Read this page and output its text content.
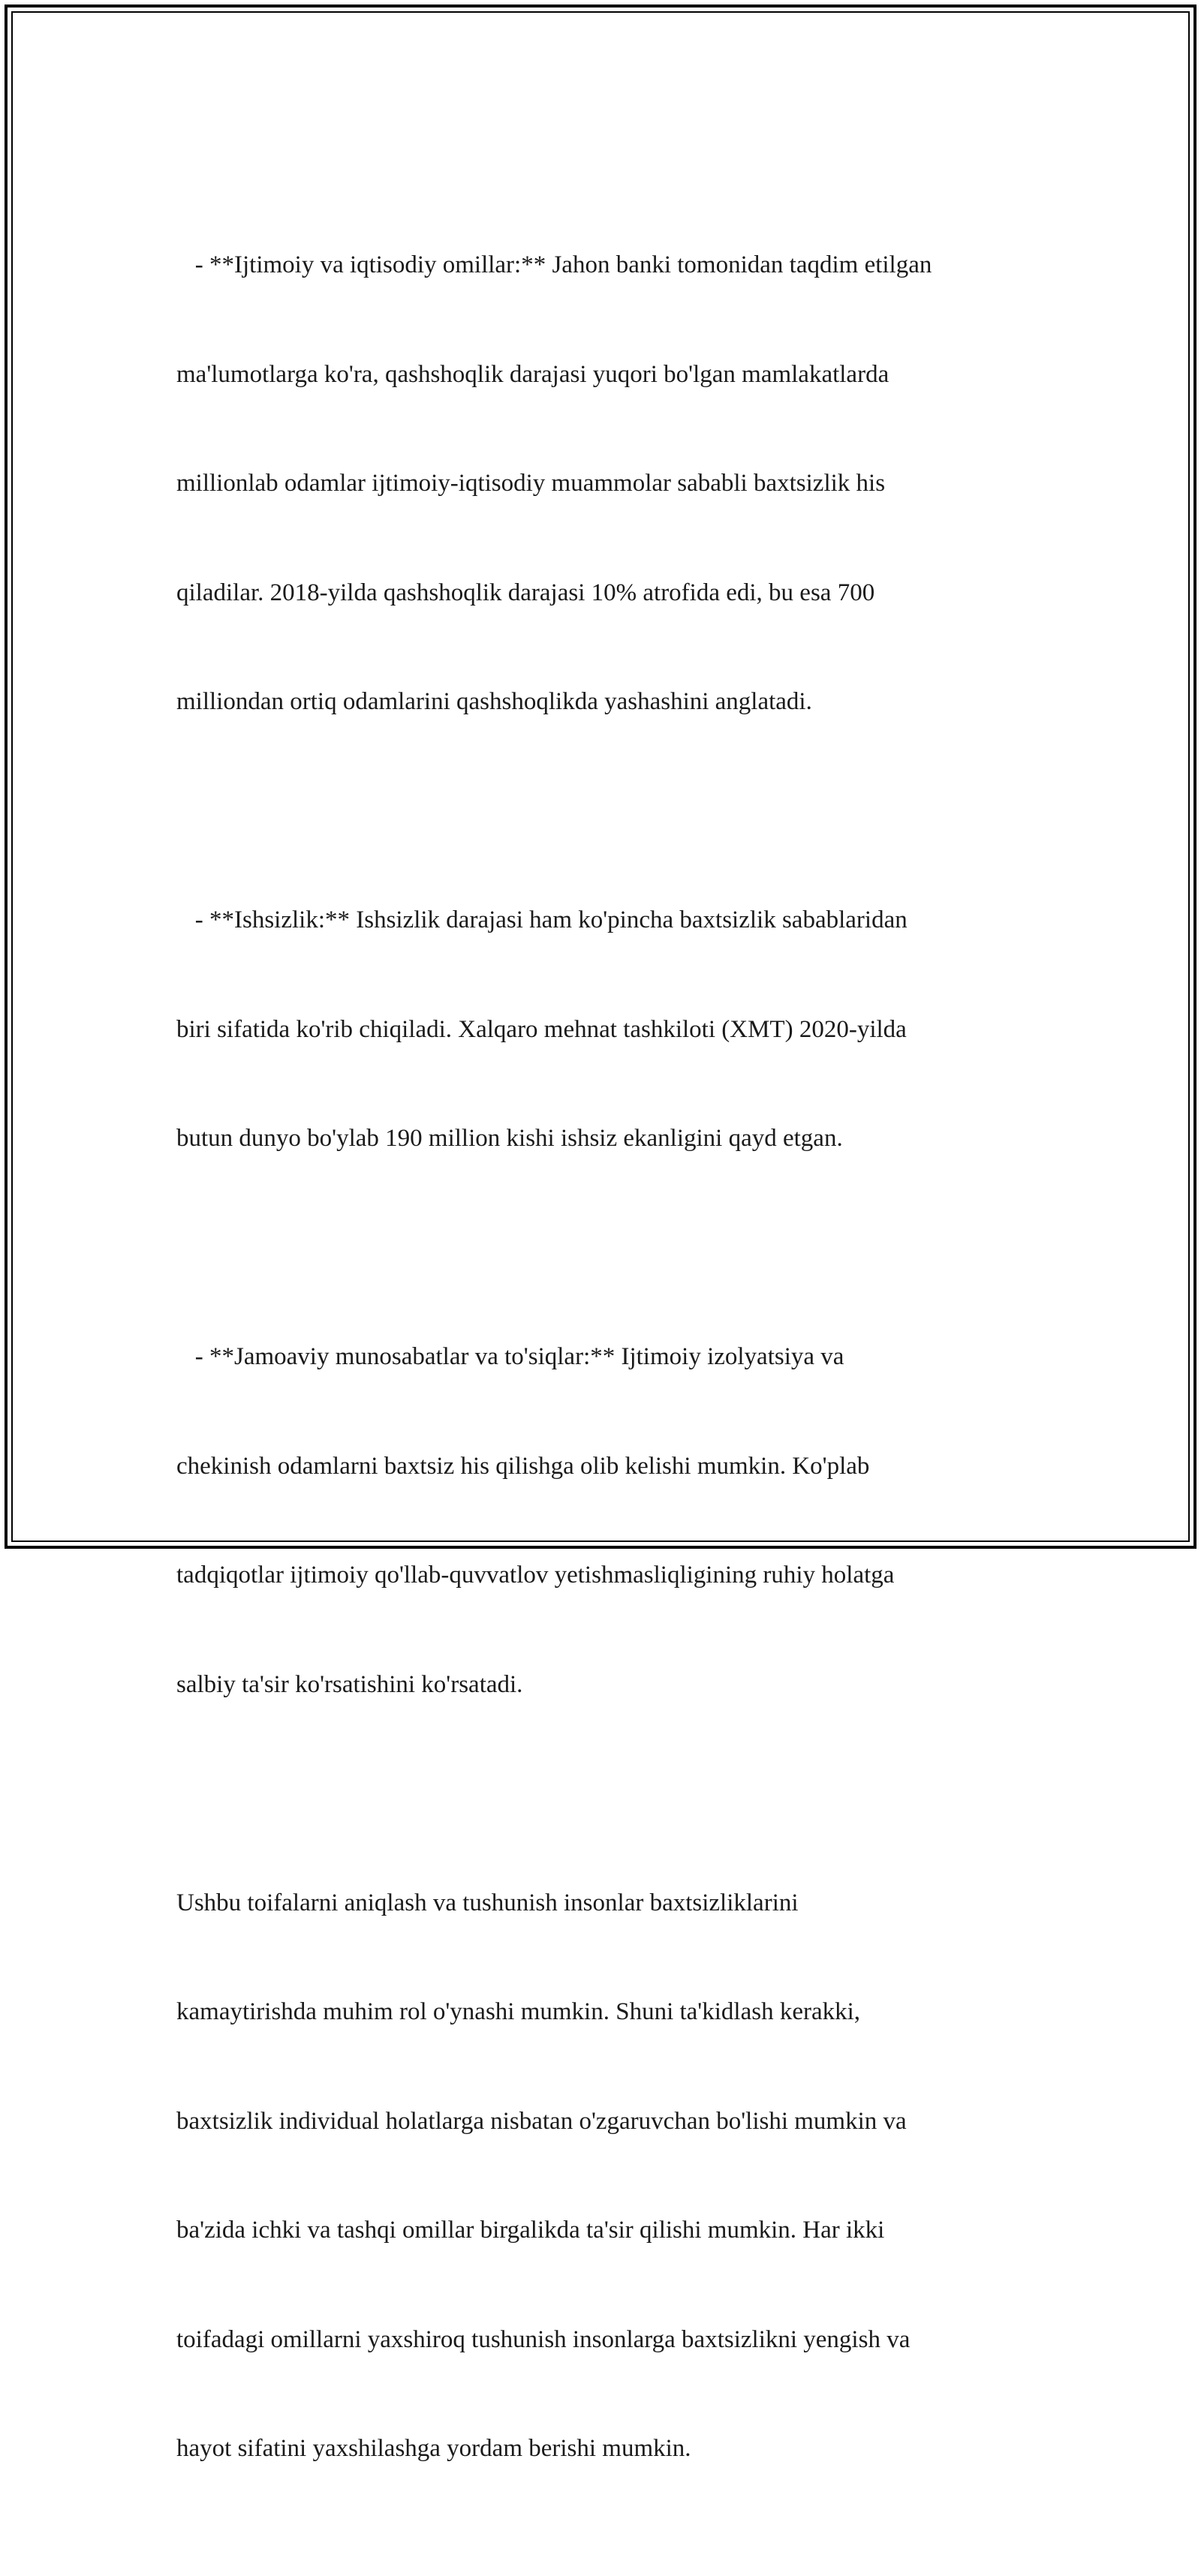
- **Ijtimoiy va iqtisodiy omillar:** Jahon banki tomonidan taqdim etilgan

ma'lumotlarga ko'ra, qashshoqlik darajasi yuqori bo'lgan mamlakatlarda

millionlab odamlar ijtimoiy-iqtisodiy muammolar sababli baxtsizlik his

qiladilar. 2018-yilda qashshoqlik darajasi 10% atrofida edi, bu esa 700

milliondan ortiq odamlarini qashshoqlikda yashashini anglatadi.

- **Ishsizlik:** Ishsizlik darajasi ham ko'pincha baxtsizlik sabablaridan

biri sifatida ko'rib chiqiladi. Xalqaro mehnat tashkiloti (XMT) 2020-yilda

butun dunyo bo'ylab 190 million kishi ishsiz ekanligini qayd etgan.

- **Jamoaviy munosabatlar va to'siqlar:** Ijtimoiy izolyatsiya va

chekinish odamlarni baxtsiz his qilishga olib kelishi mumkin. Ko'plab

tadqiqotlar ijtimoiy qo'llab-quvvatlov yetishmasliqligining ruhiy holatga

salbiy ta'sir ko'rsatishini ko'rsatadi.

Ushbu toifalarni aniqlash va tushunish insonlar baxtsizliklarini

kamaytirishda muhim rol o'ynashi mumkin. Shuni ta'kidlash kerakki,

baxtsizlik individual holatlarga nisbatan o'zgaruvchan bo'lishi mumkin va

ba'zida ichki va tashqi omillar birgalikda ta'sir qilishi mumkin. Har ikki

toifadagi omillarni yaxshiroq tushunish insonlarga baxtsizlikni yengish va

hayot sifatini yaxshilashga yordam berishi mumkin.
